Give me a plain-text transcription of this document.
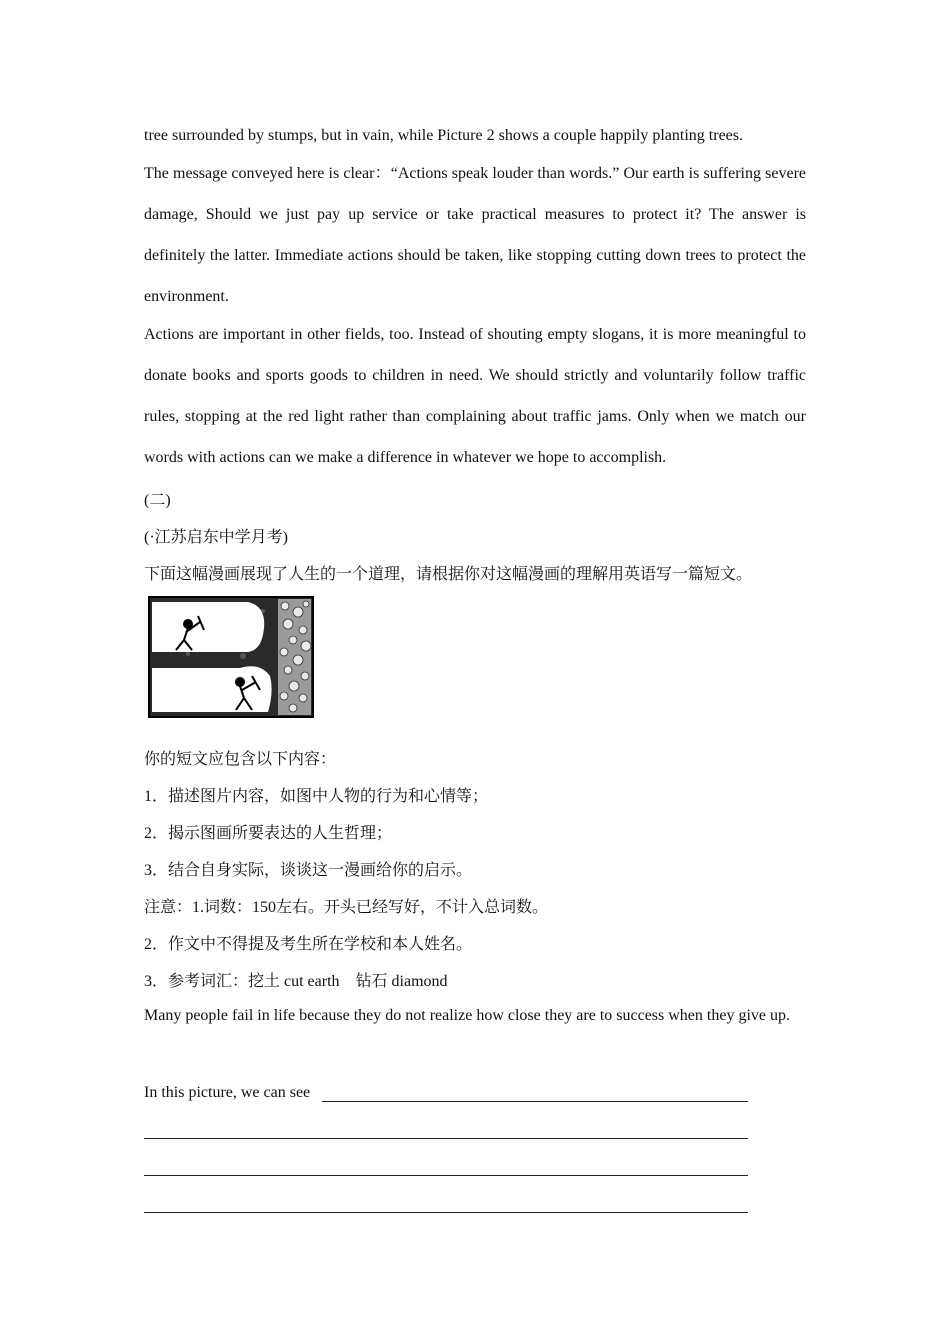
tree surrounded by stumps, but in vain, while Picture 2 shows a couple happily planting trees.

The message conveyed here is clear：“Actions speak louder than words.” Our earth is suffering severe damage, Should we just pay up service or take practical measures to protect it? The answer is definitely the latter. Immediate actions should be taken, like stopping cutting down trees to protect the environment.

Actions are important in other fields, too. Instead of shouting empty slogans, it is more meaningful to donate books and sports goods to children in need. We should strictly and voluntarily follow traffic rules, stopping at the red light rather than complaining about traffic jams. Only when we match our words with actions can we make a difference in whatever we hope to accomplish.

(二)

(·江苏启东中学月考)

下面这幅漫画展现了人生的一个道理，请根据你对这幅漫画的理解用英语写一篇短文。

你的短文应包含以下内容：

1．描述图片内容，如图中人物的行为和心情等；

2．揭示图画所要表达的人生哲理；

3．结合自身实际，谈谈这一漫画给你的启示。

注意：1.词数：150左右。开头已经写好，不计入总词数。

2．作文中不得提及考生所在学校和本人姓名。

3．参考词汇：挖土 cut earth　钻石 diamond

Many people fail in life because they do not realize how close they are to success when they give up.

In this picture, we can see
